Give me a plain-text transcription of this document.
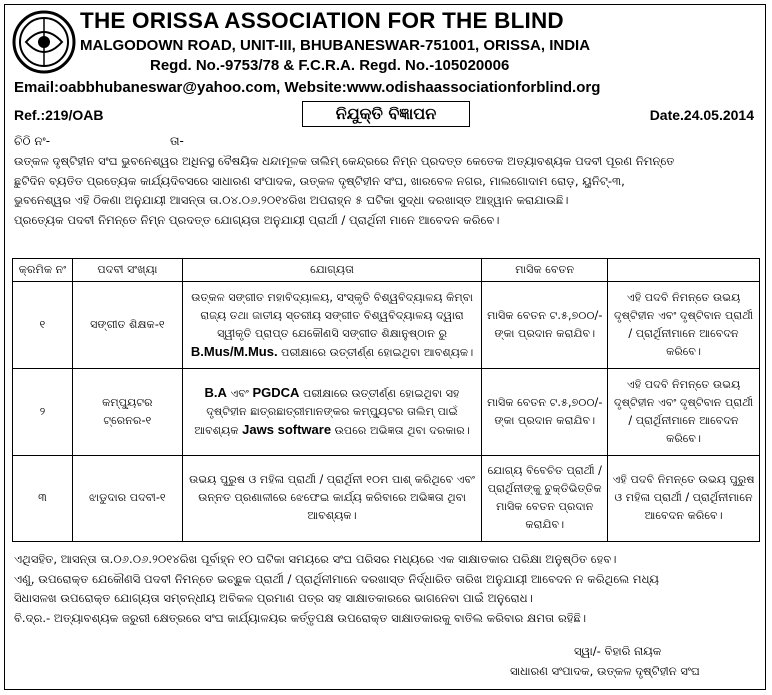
THE ORISSA ASSOCIATION FOR THE BLIND
MALGODOWN ROAD, UNIT-III, BHUBANESWAR-751001, ORISSA, INDIA
Regd. No.-9753/78 & F.C.R.A. Regd. No.-105020006
Email:oabbhubaneswar@yahoo.com, Website:www.odishaassociationforblind.org
Ref.:219/OAB	ନିଯୁକ୍ତି ବିଜ୍ଞାପନ	Date.24.05.2014
ଚିଠି ନଂ-	ତା-
ଉତ୍କଳ ଦୃଷ୍ଟିହୀନ ସଂଘ ଭୁବନେଶ୍ୱର ଅଧିନସ୍ଥ ବୈଷୟିକ ଧନ୍ଦାମୂଳକ ତାଲିମ୍ କେନ୍ଦ୍ରରେ ନିମ୍ନ ପ୍ରଦତ୍ତ କେତେକ ଅତ୍ୟାବଶ୍ୟକ ପଦବୀ ପୂରଣ ନିମନ୍ତେ
ଛୁଟିଦିନ ବ୍ୟତିତ ପ୍ରତ୍ୟେକ କାର୍ଯ୍ୟଦିବସରେ ସାଧାରଣ ସଂପାଦକ, ଉତ୍କଳ ଦୃଷ୍ଟିହୀନ ସଂଘ, ଖାରବେଳ ନଗର, ମାଲଗୋଦାମ ରୋଡ଼, ୟୁନିଟ୍-୩,
ଭୁବନେଶ୍ୱର ଏହି ଠିକଣା ଅନୁଯାୟୀ ଆସନ୍ତା ତା.୦୪.୦୬.୨୦୧୪ରିଖ ଅପରାହ୍ନ ୫ ଘଟିକା ସୁଦ୍ଧା ଦରଖାସ୍ତ ଆହ୍ୱାନ କରାଯାଉଛି।
ପ୍ରତ୍ୟେକ ପଦବୀ ନିମନ୍ତେ ନିମ୍ନ ପ୍ରଦତ୍ତ ଯୋଗ୍ୟତା ଅନୁଯାୟୀ ପ୍ରାର୍ଥୀ / ପ୍ରାର୍ଥିନୀ ମାନେ ଆବେଦନ କରିବେ।
କ୍ରମିକ ନଂ	ପଦବୀ ସଂଖ୍ୟା	ଯୋଗ୍ୟତା	ମାସିକ ବେତନ	
୧	ସଙ୍ଗୀତ ଶିକ୍ଷକ-୧	ଉତ୍କଳ ସଙ୍ଗୀତ ମହାବିଦ୍ୟାଳୟ, ସଂସ୍କୃତି ବିଶ୍ୱବିଦ୍ୟାଳୟ କିମ୍ବା ରାଜ୍ୟ ତଥା ଜାତୀୟ ସ୍ତରୀୟ ସଙ୍ଗୀତ ବିଶ୍ୱବିଦ୍ୟାଳୟ ଦ୍ୱାରା ସ୍ୱୀକୃତି ପ୍ରାପ୍ତ ଯେକୌଣସି ସଙ୍ଗୀତ ଶିକ୍ଷାନୁଷ୍ଠାନ ରୁ B.Mus/M.Mus. ପରୀକ୍ଷାରେ ଉତ୍ତୀର୍ଣ୍ଣ ହୋଇଥିବା ଆବଶ୍ୟକ।	ମାସିକ ବେତନ ଟ.୫,୭୦୦/-ଙ୍କା ପ୍ରଦାନ କରାଯିବ।	ଏହି ପଦବି ନିମନ୍ତେ ଉଭୟ ଦୃଷ୍ଟିହୀନ ଏବଂ ଦୃଷ୍ଟିବାନ ପ୍ରାର୍ଥୀ / ପ୍ରାର୍ଥିନୀମାନେ ଆବେଦନ କରିବେ।
୨	କମ୍ପ୍ୟୁଟର ଟ୍ରେନର-୧	B.A ଏବଂ PGDCA ପରୀକ୍ଷାରେ ଉତ୍ତୀର୍ଣ୍ଣ ହୋଇଥିବା ସହ ଦୃଷ୍ଟିହୀନ ଛାତ୍ରଛାତ୍ରୀମାନଙ୍କର କମ୍ପ୍ୟୁଟର ତାଲିମ୍ ପାଇଁ ଆବଶ୍ୟକ Jaws software ଉପରେ ଅଭିଜ୍ଞତା ଥିବା ଦରକାର।	ମାସିକ ବେତନ ଟ.୫,୭୦୦/-ଙ୍କା ପ୍ରଦାନ କରାଯିବ।	ଏହି ପଦବି ନିମନ୍ତେ ଉଭୟ ଦୃଷ୍ଟିହୀନ ଏବଂ ଦୃଷ୍ଟିବାନ ପ୍ରାର୍ଥୀ / ପ୍ରାର୍ଥିନୀମାନେ ଆବେଦନ କରିବେ।
୩	ଝାଡୁଦାର ପଦବୀ-୧	ଉଭୟ ପୁରୁଷ ଓ ମହିଳା ପ୍ରାର୍ଥୀ / ପ୍ରାର୍ଥିନୀ ୧୦ମ ପାଶ୍ କରିଥିବେ ଏବଂ ଉନ୍ନତ ପ୍ରଣାଳୀରେ ଝେଫେଇ କାର୍ଯ୍ୟ କରିବାରେ ଅଭିଜ୍ଞତା ଥିବା ଆବଶ୍ୟକ।	ଯୋଗ୍ୟ ବିବେଚିତ ପ୍ରାର୍ଥୀ / ପ୍ରାର୍ଥିନୀଙ୍କୁ ଚୁକ୍ତିଭିତ୍ତିକ ମାସିକ ବେତନ ପ୍ରଦାନ କରାଯିବ।	ଏହି ପଦବି ନିମନ୍ତେ ଉଭୟ ପୁରୁଷ ଓ ମହିଳା ପ୍ରାର୍ଥୀ / ପ୍ରାର୍ଥିନୀମାନେ ଆବେଦନ କରିବେ।
ଏଥିସହିତ, ଆସନ୍ତା ତା.୦୬.୦୬.୨୦୧୪ରିଖ ପୂର୍ବାହ୍ନ ୧୦ ଘଟିକା ସମୟରେ ସଂଘ ପରିସର ମଧ୍ୟରେ ଏକ ସାକ୍ଷାତକାର ପରିକ୍ଷା ଅନୁଷ୍ଠିତ ହେବ।
ଏଣୁ, ଉପରୋକ୍ତ ଯେକୌଣସି ପଦବୀ ନିମନ୍ତେ ଇଚ୍ଛୁକ ପ୍ରାର୍ଥୀ / ପ୍ରାର୍ଥିନୀମାନେ ଦରଖାସ୍ତ ନିର୍ଦ୍ଧାରିତ ତାରିଖ ଅନୁଯାୟୀ ଆବେଦନ ନ କରିଥିଲେ ମଧ୍ୟ
ସିଧାସଳଖ ଉପରୋକ୍ତ ଯୋଗ୍ୟତା ସମ୍ବନ୍ଧୀୟ ଅବିକଳ ପ୍ରମାଣ ପତ୍ର ସହ ସାକ୍ଷାତକାରରେ ଭାଗନେବା ପାଇଁ ଅନୁରୋଧ।
ବି.ଦ୍ର.- ଅତ୍ୟାବଶ୍ୟକ ଜରୁରୀ କ୍ଷେତ୍ରରେ ସଂଘ କାର୍ଯ୍ୟାଳୟର କର୍ତ୍ତୃପକ୍ଷ ଉପରୋକ୍ତ ସାକ୍ଷାତକାରକୁ ବାତିଲ କରିବାର କ୍ଷମତା ରହିଛି।
ସ୍ୱା/- ବିହାରି ନାୟକ
ସାଧାରଣ ସଂପାଦକ, ଉତ୍କଳ ଦୃଷ୍ଟିହୀନ ସଂଘ
